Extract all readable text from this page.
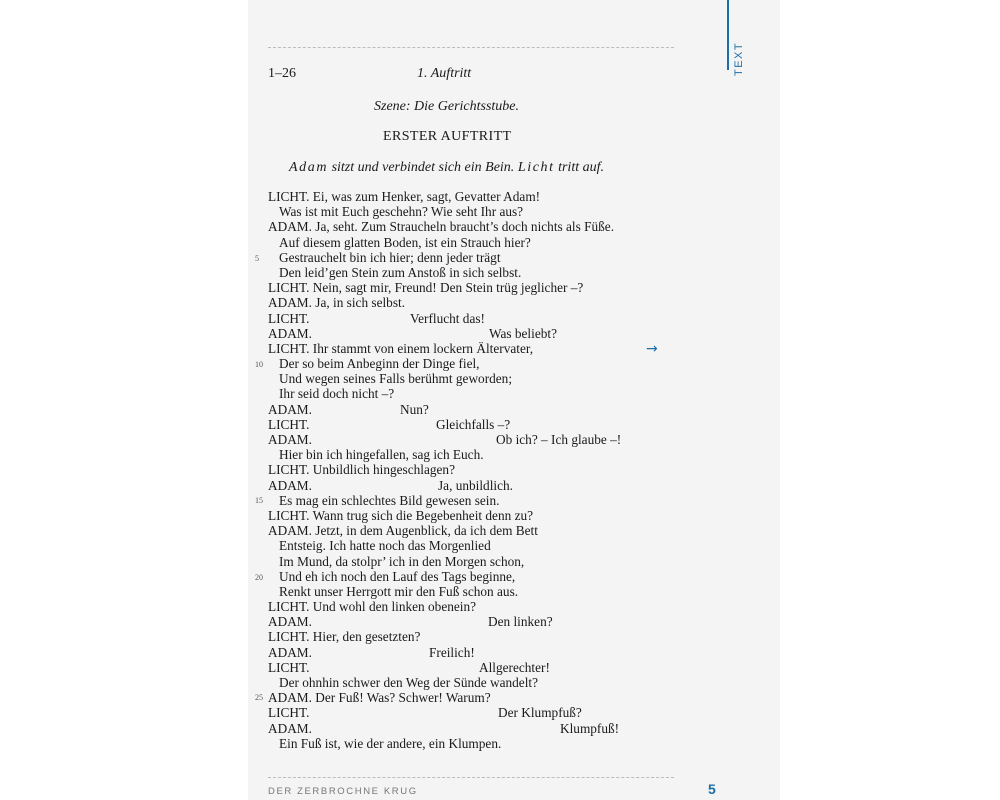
TEXT
1–26	1. Auftritt
Szene: Die Gerichtsstube.
ERSTER AUFTRITT
Adam sitzt und verbindet sich ein Bein. Licht tritt auf.
LICHT. Ei, was zum Henker, sagt, Gevatter Adam!
Was ist mit Euch geschehn? Wie seht Ihr aus?
ADAM. Ja, seht. Zum Straucheln braucht’s doch nichts als Füße.
Auf diesem glatten Boden, ist ein Strauch hier?
Gestrauchelt bin ich hier; denn jeder trägt
Den leid’gen Stein zum Anstoß in sich selbst.
LICHT. Nein, sagt mir, Freund! Den Stein trüg jeglicher –?
ADAM. Ja, in sich selbst.
LICHT.	Verflucht das!
ADAM.	Was beliebt?
LICHT. Ihr stammt von einem lockern Ältervater,
Der so beim Anbeginn der Dinge fiel,
Und wegen seines Falls berühmt geworden;
Ihr seid doch nicht –?
ADAM.	Nun?
LICHT.	Gleichfalls –?
ADAM.	Ob ich? – Ich glaube –!
Hier bin ich hingefallen, sag ich Euch.
LICHT. Unbildlich hingeschlagen?
ADAM.	Ja, unbildlich.
Es mag ein schlechtes Bild gewesen sein.
LICHT. Wann trug sich die Begebenheit denn zu?
ADAM. Jetzt, in dem Augenblick, da ich dem Bett
Entsteig. Ich hatte noch das Morgenlied
Im Mund, da stolpr’ ich in den Morgen schon,
Und eh ich noch den Lauf des Tags beginne,
Renkt unser Herrgott mir den Fuß schon aus.
LICHT. Und wohl den linken obenein?
ADAM.	Den linken?
LICHT. Hier, den gesetzten?
ADAM.	Freilich!
LICHT.	Allgerechter!
Der ohnhin schwer den Weg der Sünde wandelt?
ADAM. Der Fuß! Was? Schwer! Warum?
LICHT.	Der Klumpfuß?
ADAM.	Klumpfuß!
Ein Fuß ist, wie der andere, ein Klumpen.
5
10
15
20
25
→
DER ZERBROCHNE KRUG	5
